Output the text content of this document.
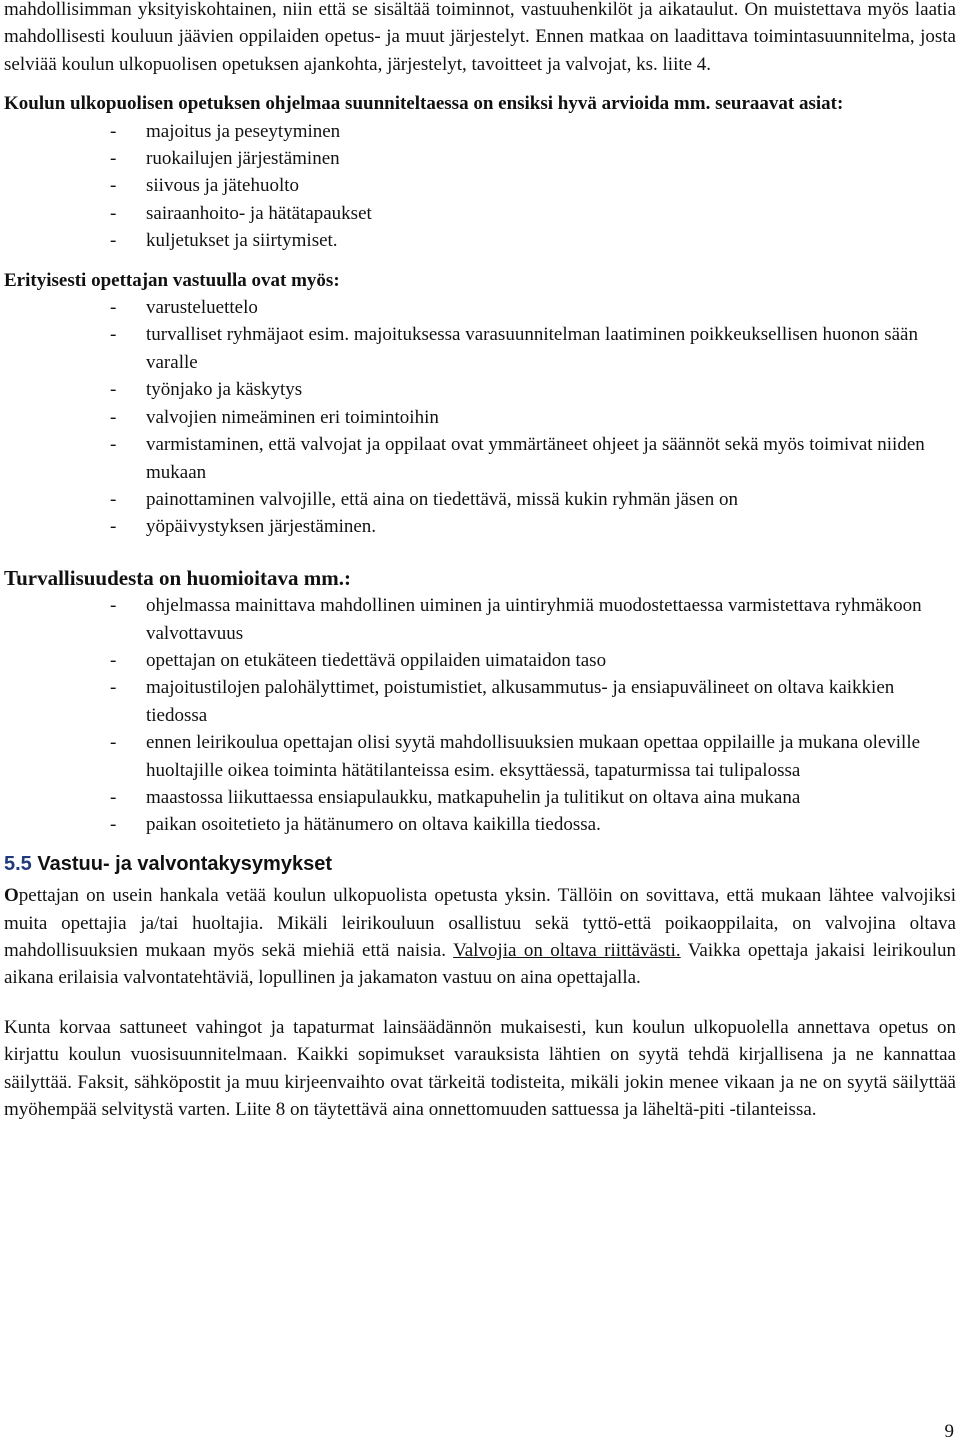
mahdollisimman yksityiskohtainen, niin että se sisältää toiminnot, vastuuhenkilöt ja aikataulut. On muistettava myös laatia mahdollisesti kouluun jäävien oppilaiden opetus- ja muut järjestelyt. Ennen matkaa on laadittava toimintasuunnitelma, josta selviää koulun ulkopuolisen opetuksen ajankohta, järjestelyt, tavoitteet ja valvojat, ks. liite 4.

Koulun ulkopuolisen opetuksen ohjelmaa suunniteltaessa on ensiksi hyvä arvioida mm. seuraavat asiat:

- majoitus ja peseytyminen
- ruokailujen järjestäminen
- siivous ja jätehuolto
- sairaanhoito- ja hätätapaukset
- kuljetukset ja siirtymiset.

Erityisesti opettajan vastuulla ovat myös:

- varusteluettelo
- turvalliset ryhmäjaot esim. majoituksessa varasuunnitelman laatiminen poikkeuksellisen huonon sään varalle
- työnjako ja käskytys
- valvojien nimeäminen eri toimintoihin
- varmistaminen, että valvojat ja oppilaat ovat ymmärtäneet ohjeet ja säännöt sekä myös toimivat niiden mukaan
- painottaminen valvojille, että aina on tiedettävä, missä kukin ryhmän jäsen on
- yöpäivystyksen järjestäminen.

Turvallisuudesta on huomioitava mm.:

- ohjelmassa mainittava mahdollinen uiminen ja uintiryhmiä muodostettaessa varmistettava ryhmäkoon valvottavuus
- opettajan on etukäteen tiedettävä oppilaiden uimataidon taso
- majoitustilojen palohälyttimet, poistumistiet, alkusammutus- ja ensiapuvälineet on oltava kaikkien tiedossa
- ennen leirikoulua opettajan olisi syytä mahdollisuuksien mukaan opettaa oppilaille ja mukana oleville huoltajille oikea toiminta hätätilanteissa esim. eksyttäessä, tapaturmissa tai tulipalossa
- maastossa liikuttaessa ensiapulaukku, matkapuhelin ja tulitikut on oltava aina mukana
- paikan osoitetieto ja hätänumero on oltava kaikilla tiedossa.

5.5 Vastuu- ja valvontakysymykset

Opettajan on usein hankala vetää koulun ulkopuolista opetusta yksin. Tällöin on sovittava, että mukaan lähtee valvojiksi muita opettajia ja/tai huoltajia. Mikäli leirikouluun osallistuu sekä tyttö-että poikaoppilaita, on valvojina oltava mahdollisuuksien mukaan myös sekä miehiä että naisia. Valvojia on oltava riittävästi. Vaikka opettaja jakaisi leirikoulun aikana erilaisia valvontatehtäviä, lopullinen ja jakamaton vastuu on aina opettajalla.

Kunta korvaa sattuneet vahingot ja tapaturmat lainsäädännön mukaisesti, kun koulun ulkopuolella annettava opetus on kirjattu koulun vuosisuunnitelmaan. Kaikki sopimukset varauksista lähtien on syytä tehdä kirjallisena ja ne kannattaa säilyttää. Faksit, sähköpostit ja muu kirjeenvaihto ovat tärkeitä todisteita, mikäli jokin menee vikaan ja ne on syytä säilyttää myöhempää selvitystä varten. Liite 8 on täytettävä aina onnettomuuden sattuessa ja läheltä-piti -tilanteissa.

9
